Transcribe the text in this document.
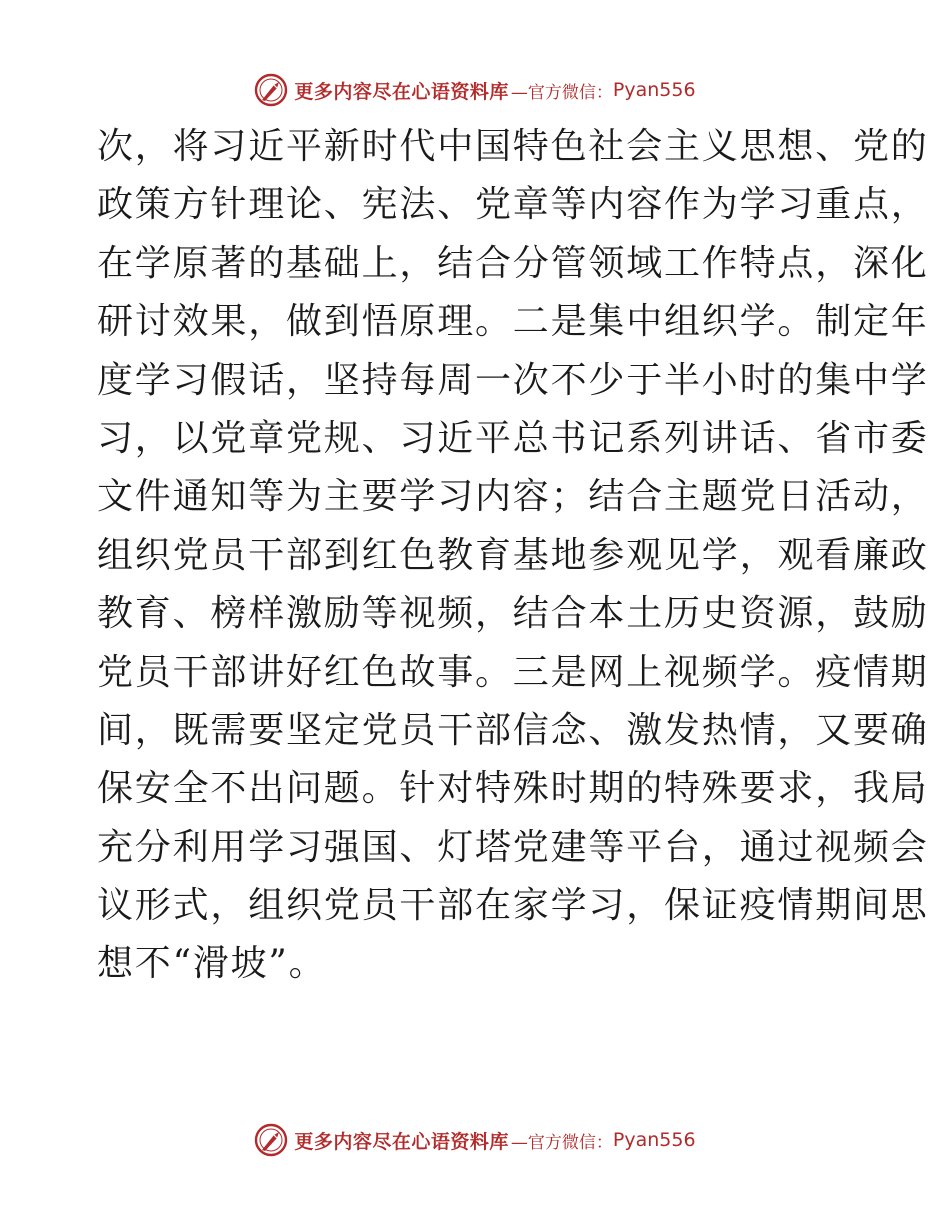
更多内容尽在心语资料库 —官方微信： Pyan556
次，将习近平新时代中国特色社会主义思想、党的
政策方针理论、宪法、党章等内容作为学习重点，
在学原著的基础上，结合分管领域工作特点，深化
研讨效果，做到悟原理。二是集中组织学。制定年
度学习假话，坚持每周一次不少于半小时的集中学
习，以党章党规、习近平总书记系列讲话、省市委
文件通知等为主要学习内容；结合主题党日活动，
组织党员干部到红色教育基地参观见学，观看廉政
教育、榜样激励等视频，结合本土历史资源，鼓励
党员干部讲好红色故事。三是网上视频学。疫情期
间，既需要坚定党员干部信念、激发热情，又要确
保安全不出问题。针对特殊时期的特殊要求，我局
充分利用学习强国、灯塔党建等平台，通过视频会
议形式，组织党员干部在家学习，保证疫情期间思
想不“滑坡”。
更多内容尽在心语资料库 —官方微信： Pyan556
